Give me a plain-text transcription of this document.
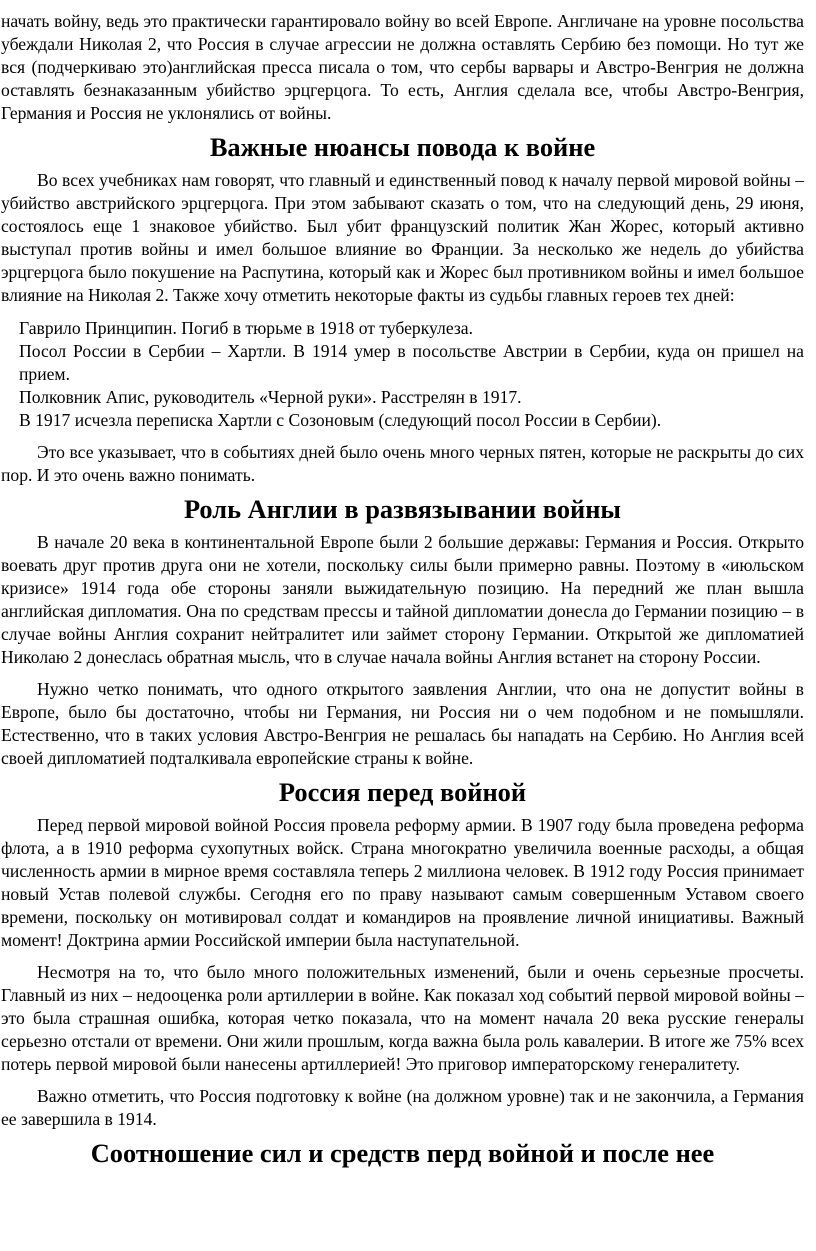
начать войну, ведь это практически гарантировало войну во всей Европе. Англичане на уровне посольства убеждали Николая 2, что Россия в случае агрессии не должна оставлять Сербию без помощи. Но тут же вся (подчеркиваю это)английская пресса писала о том, что сербы варвары и Австро-Венгрия не должна оставлять безнаказанным убийство эрцгерцога. То есть, Англия сделала все, чтобы Австро-Венгрия, Германия и Россия не уклонялись от войны.

Важные нюансы повода к войне

Во всех учебниках нам говорят, что главный и единственный повод к началу первой мировой войны – убийство австрийского эрцгерцога. При этом забывают сказать о том, что на следующий день, 29 июня, состоялось еще 1 знаковое убийство. Был убит французский политик Жан Жорес, который активно выступал против войны и имел большое влияние во Франции. За несколько же недель до убийства эрцгерцога было покушение на Распутина, который как и Жорес был противником войны и имел большое влияние на Николая 2. Также хочу отметить некоторые факты из судьбы главных героев тех дней:

Гаврило Принципин. Погиб в тюрьме в 1918 от туберкулеза.
Посол России в Сербии – Хартли. В 1914 умер в посольстве Австрии в Сербии, куда он пришел на прием.
Полковник Апис, руководитель «Черной руки». Расстрелян в 1917.
В 1917 исчезла переписка Хартли с Созоновым (следующий посол России в Сербии).

Это все указывает, что в событиях дней было очень много черных пятен, которые не раскрыты до сих пор. И это очень важно понимать.

Роль Англии в развязывании войны

В начале 20 века в континентальной Европе были 2 большие державы: Германия и Россия. Открыто воевать друг против друга они не хотели, поскольку силы были примерно равны. Поэтому в «июльском кризисе» 1914 года обе стороны заняли выжидательную позицию. На передний же план вышла английская дипломатия. Она по средствам прессы и тайной дипломатии донесла до Германии позицию – в случае войны Англия сохранит нейтралитет или займет сторону Германии. Открытой же дипломатией Николаю 2 донеслась обратная мысль, что в случае начала войны Англия встанет на сторону России.

Нужно четко понимать, что одного открытого заявления Англии, что она не допустит войны в Европе, было бы достаточно, чтобы ни Германия, ни Россия ни о чем подобном и не помышляли. Естественно, что в таких условия Австро-Венгрия не решалась бы нападать на Сербию. Но Англия всей своей дипломатией подталкивала европейские страны к войне.

Россия перед войной

Перед первой мировой войной Россия провела реформу армии. В 1907 году была проведена реформа флота, а в 1910 реформа сухопутных войск. Страна многократно увеличила военные расходы, а общая численность армии в мирное время составляла теперь 2 миллиона человек. В 1912 году Россия принимает новый Устав полевой службы. Сегодня его по праву называют самым совершенным Уставом своего времени, поскольку он мотивировал солдат и командиров на проявление личной инициативы. Важный момент! Доктрина армии Российской империи была наступательной.

Несмотря на то, что было много положительных изменений, были и очень серьезные просчеты. Главный из них – недооценка роли артиллерии в войне. Как показал ход событий первой мировой войны – это была страшная ошибка, которая четко показала, что на момент начала 20 века русские генералы серьезно отстали от времени. Они жили прошлым, когда важна была роль кавалерии. В итоге же 75% всех потерь первой мировой были нанесены артиллерией! Это приговор императорскому генералитету.

Важно отметить, что Россия подготовку к войне (на должном уровне) так и не закончила, а Германия ее завершила в 1914.

Соотношение сил и средств перд войной и после нее
